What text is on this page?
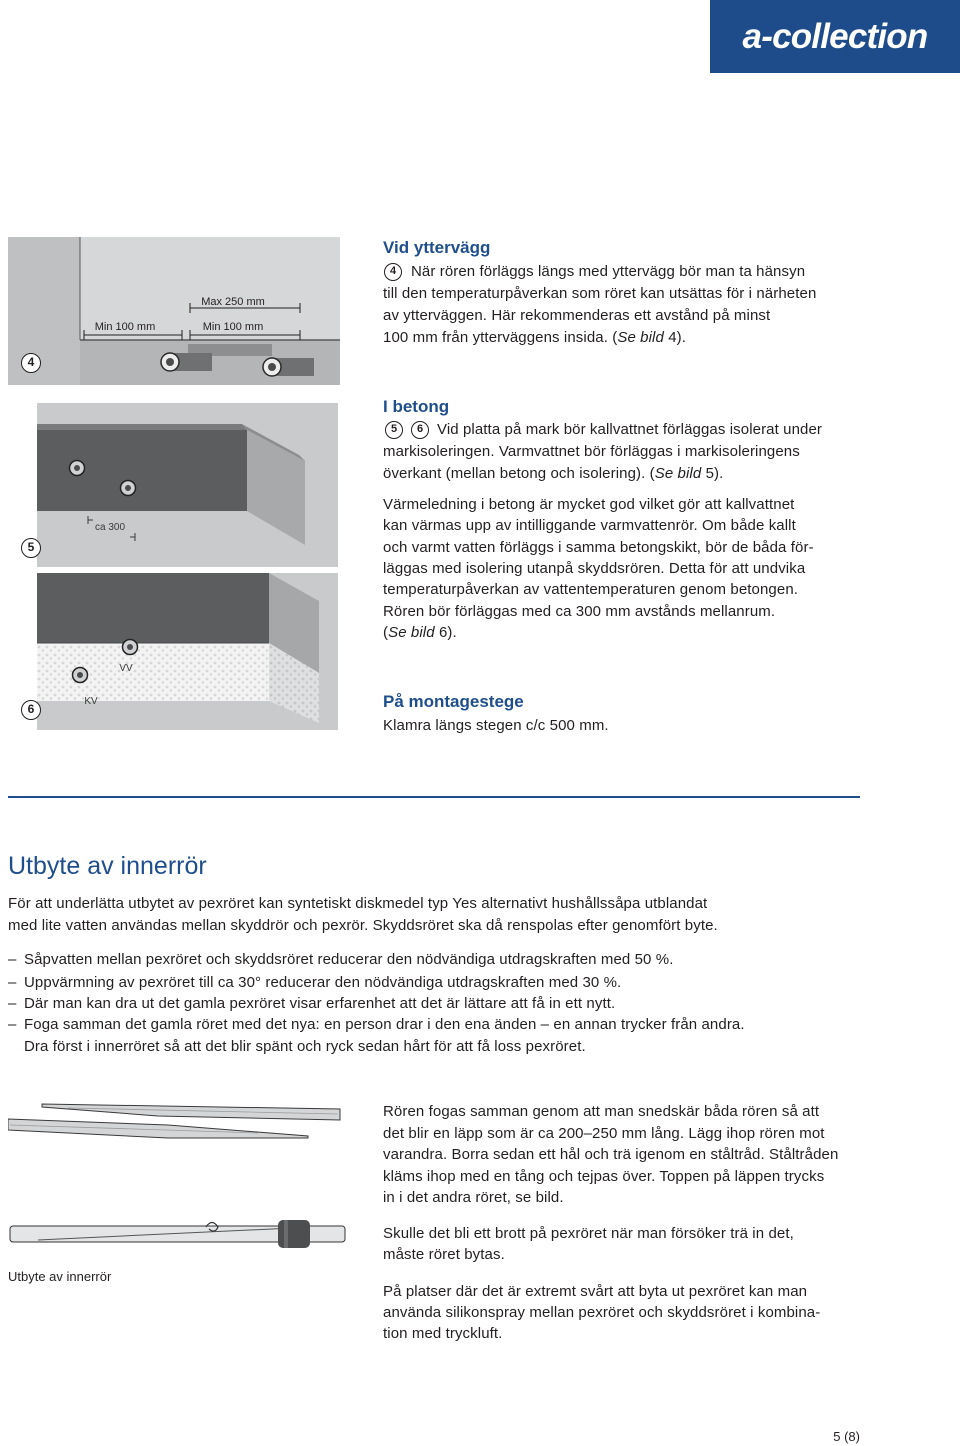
a-collection
Max 250 mm
Min 100 mm	Min 100 mm
4
ca 300
5
VV
KV
6
Vid yttervägg
4 När rören förläggs längs med yttervägg bör man ta hänsyn
till den temperaturpåverkan som röret kan utsättas för i närheten
av ytterväggen. Här rekommenderas ett avstånd på minst
100 mm från ytterväggens insida. (Se bild 4).
I betong
5	6 Vid platta på mark bör kallvattnet förläggas isolerat under
markisoleringen. Varmvattnet bör förläggas i markisoleringens
överkant (mellan betong och isolering). (Se bild 5).
Värmeledning i betong är mycket god vilket gör att kallvattnet
kan värmas upp av intilliggande varmvattenrör. Om både kallt
och varmt vatten förläggs i samma betongskikt, bör de båda för-
läggas med isolering utanpå skyddsrören. Detta för att undvika
temperaturpåverkan av vattentemperaturen genom betongen.
Rören bör förläggas med ca 300 mm avstånds mellanrum.
(Se bild 6).
På montagestege
Klamra längs stegen c/c 500 mm.
Utbyte av innerrör
För att underlätta utbytet av pexröret kan syntetiskt diskmedel typ Yes alternativt hushållssåpa utblandat
med lite vatten användas mellan skyddrör och pexrör. Skyddsröret ska då renspolas efter genomfört byte.
– Såpvatten mellan pexröret och skyddsröret reducerar den nödvändiga utdragskraften med 50 %.
– Uppvärmning av pexröret till ca 30° reducerar den nödvändiga utdragskraften med 30 %.
– Där man kan dra ut det gamla pexröret visar erfarenhet att det är lättare att få in ett nytt.
– Foga samman det gamla röret med det nya: en person drar i den ena änden – en annan trycker från andra.
Dra först i innerröret så att det blir spänt och ryck sedan hårt för att få loss pexröret.
Utbyte av innerrör
Rören fogas samman genom att man snedskär båda rören så att
det blir en läpp som är ca 200–250 mm lång. Lägg ihop rören mot
varandra. Borra sedan ett hål och trä igenom en ståltråd. Ståltråden
kläms ihop med en tång och tejpas över. Toppen på läppen trycks
in i det andra röret, se bild.
Skulle det bli ett brott på pexröret när man försöker trä in det,
måste röret bytas.
På platser där det är extremt svårt att byta ut pexröret kan man
använda silikonspray mellan pexröret och skyddsröret i kombina-
tion med tryckluft.
5 (8)
